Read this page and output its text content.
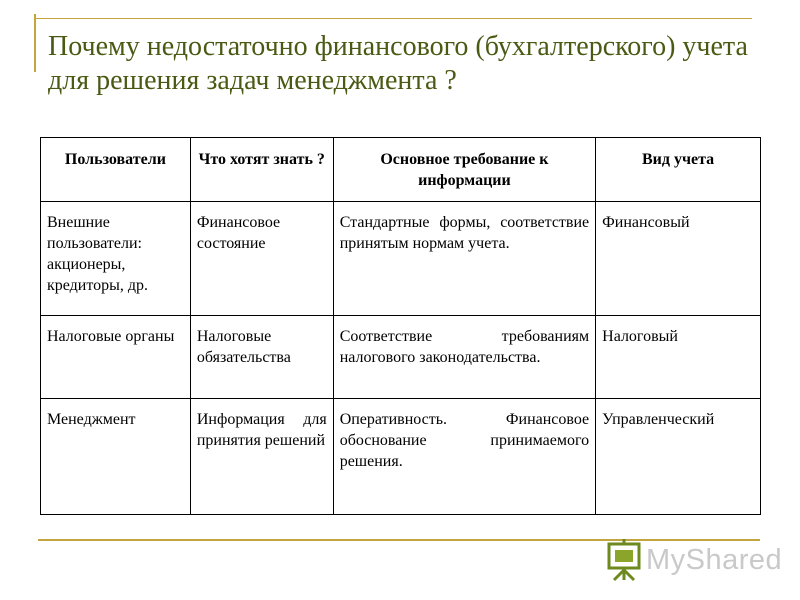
Почему недостаточно финансового (бухгалтерского) учета для решения задач менеджмента ?
Пользователи	Что хотят знать ?	Основное требование к информации	Вид учета
Внешние пользователи: акционеры, кредиторы, др.	Финансовое состояние	Стандартные формы, соответствие принятым нормам учета.	Финансовый
Налоговые органы	Налоговые обязательства	Соответствие требованиям налогового законодательства.	Налоговый
Менеджмент	Информация для принятия решений	Оперативность. Финансовое обоснование принимаемого решения.	Управленческий
MyShared
